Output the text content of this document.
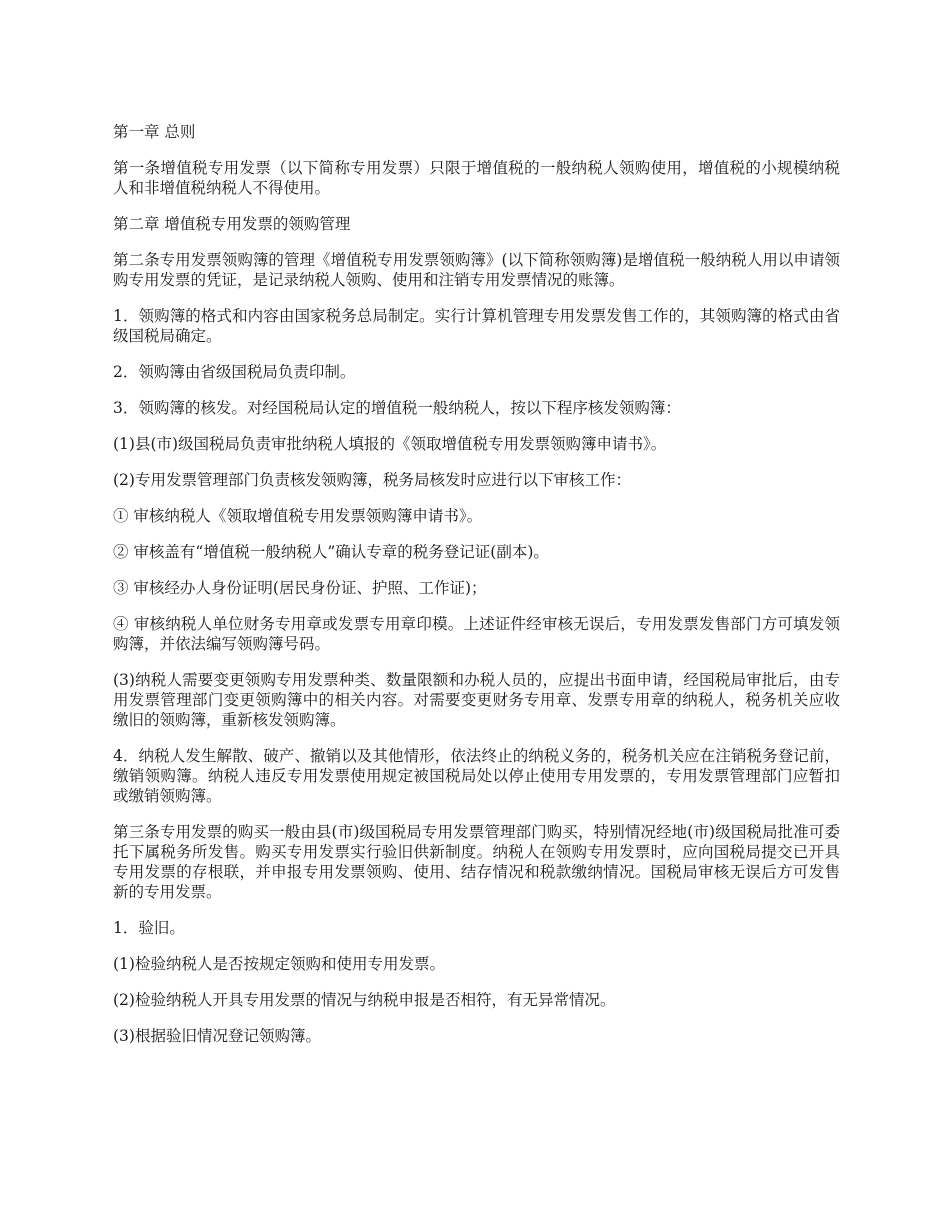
第一章 总则

第一条增值税专用发票（以下简称专用发票）只限于增值税的一般纳税人领购使用，增值税的小规模纳税人和非增值税纳税人不得使用。

第二章 增值税专用发票的领购管理

第二条专用发票领购簿的管理《增值税专用发票领购簿》(以下简称领购簿)是增值税一般纳税人用以申请领购专用发票的凭证，是记录纳税人领购、使用和注销专用发票情况的账簿。

1．领购簿的格式和内容由国家税务总局制定。实行计算机管理专用发票发售工作的，其领购簿的格式由省级国税局确定。

2．领购簿由省级国税局负责印制。

3．领购簿的核发。对经国税局认定的增值税一般纳税人，按以下程序核发领购簿：

(1)县(市)级国税局负责审批纳税人填报的《领取增值税专用发票领购簿申请书》。

(2)专用发票管理部门负责核发领购簿，税务局核发时应进行以下审核工作：

① 审核纳税人《领取增值税专用发票领购簿申请书》。

② 审核盖有“增值税一般纳税人”确认专章的税务登记证(副本)。

③ 审核经办人身份证明(居民身份证、护照、工作证)；

④ 审核纳税人单位财务专用章或发票专用章印模。上述证件经审核无误后，专用发票发售部门方可填发领购簿，并依法编写领购簿号码。

(3)纳税人需要变更领购专用发票种类、数量限额和办税人员的，应提出书面申请，经国税局审批后，由专用发票管理部门变更领购簿中的相关内容。对需要变更财务专用章、发票专用章的纳税人，税务机关应收缴旧的领购簿，重新核发领购簿。

4．纳税人发生解散、破产、撤销以及其他情形，依法终止的纳税义务的，税务机关应在注销税务登记前，缴销领购簿。纳税人违反专用发票使用规定被国税局处以停止使用专用发票的，专用发票管理部门应暂扣或缴销领购簿。

第三条专用发票的购买一般由县(市)级国税局专用发票管理部门购买，特别情况经地(市)级国税局批准可委托下属税务所发售。购买专用发票实行验旧供新制度。纳税人在领购专用发票时，应向国税局提交已开具专用发票的存根联，并申报专用发票领购、使用、结存情况和税款缴纳情况。国税局审核无误后方可发售新的专用发票。

1．验旧。

(1)检验纳税人是否按规定领购和使用专用发票。

(2)检验纳税人开具专用发票的情况与纳税申报是否相符，有无异常情况。

(3)根据验旧情况登记领购簿。
